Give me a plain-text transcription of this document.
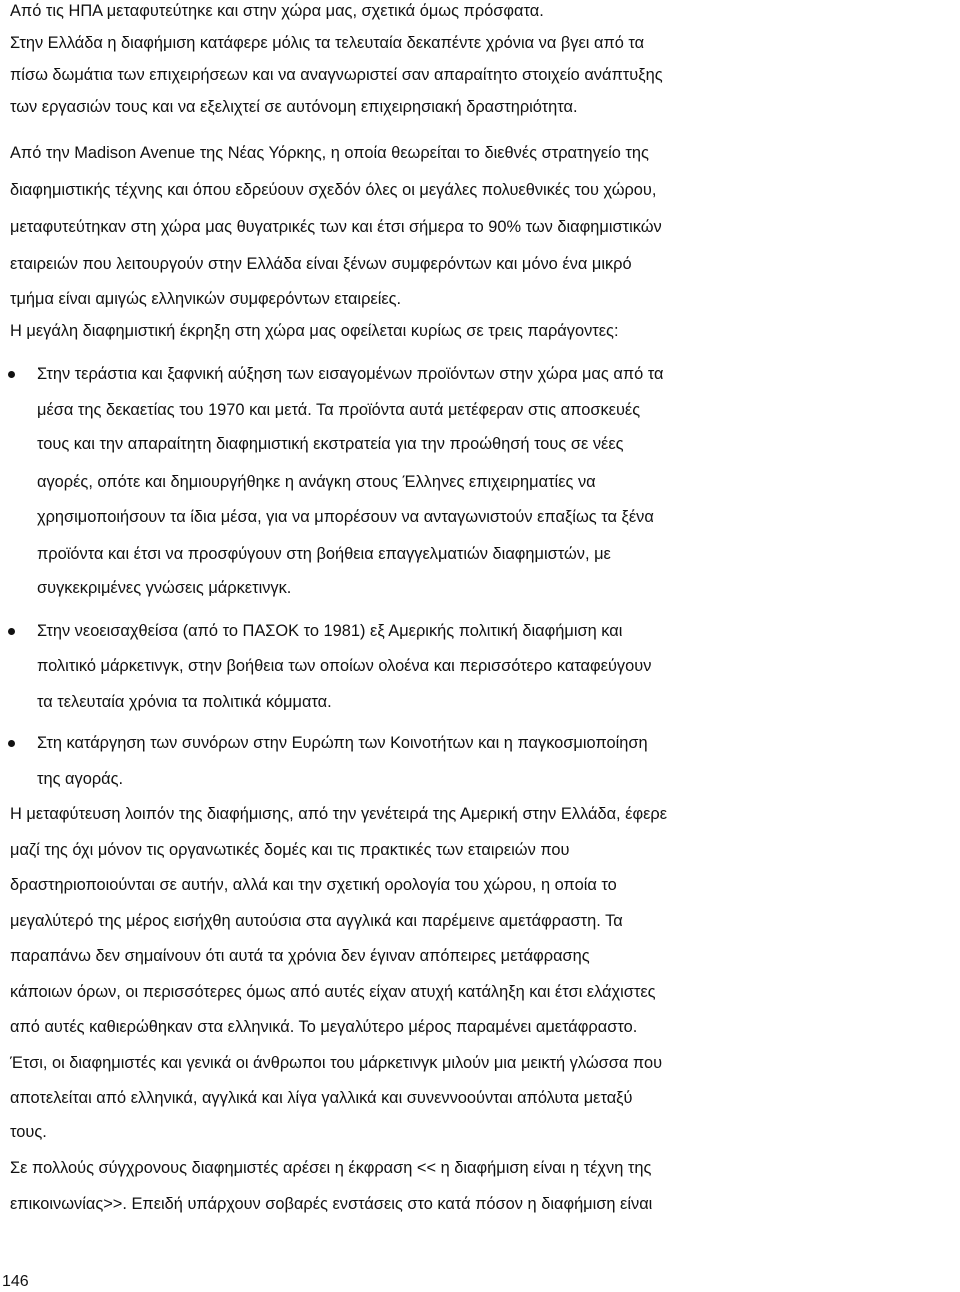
Από τις ΗΠΑ μεταφυτεύτηκε και στην χώρα μας, σχετικά όμως πρόσφατα.
Στην Ελλάδα η διαφήμιση κατάφερε μόλις τα τελευταία δεκαπέντε χρόνια να βγει από τα
πίσω δωμάτια των επιχειρήσεων και να αναγνωριστεί σαν απαραίτητο στοιχείο ανάπτυξης
των εργασιών τους και να εξελιχτεί σε αυτόνομη επιχειρησιακή δραστηριότητα.
Από την Madison Avenue της Νέας Υόρκης, η οποία θεωρείται το διεθνές στρατηγείο της
διαφημιστικής τέχνης και όπου εδρεύουν σχεδόν όλες οι μεγάλες πολυεθνικές του χώρου,
μεταφυτεύτηκαν στη χώρα μας θυγατρικές των και έτσι σήμερα το 90% των διαφημιστικών
εταιρειών που λειτουργούν στην Ελλάδα είναι ξένων συμφερόντων και μόνο ένα μικρό
τμήμα είναι αμιγώς ελληνικών συμφερόντων εταιρείες.
Η μεγάλη διαφημιστική έκρηξη στη χώρα μας οφείλεται κυρίως σε τρεις παράγοντες:
Στην τεράστια και ξαφνική αύξηση των εισαγομένων προϊόντων στην χώρα μας από τα
μέσα της δεκαετίας του 1970 και μετά. Τα προϊόντα αυτά μετέφεραν στις αποσκευές
τους και την απαραίτητη διαφημιστική εκστρατεία για την προώθησή τους σε νέες
αγορές, οπότε και δημιουργήθηκε η ανάγκη στους Έλληνες επιχειρηματίες να
χρησιμοποιήσουν τα ίδια μέσα, για να μπορέσουν να ανταγωνιστούν επαξίως τα ξένα
προϊόντα και έτσι να προσφύγουν στη βοήθεια επαγγελματιών διαφημιστών, με
συγκεκριμένες γνώσεις μάρκετινγκ.
Στην νεοεισαχθείσα (από το ΠΑΣΟΚ το 1981) εξ Αμερικής πολιτική διαφήμιση και
πολιτικό μάρκετινγκ, στην βοήθεια των οποίων ολοένα και περισσότερο καταφεύγουν
τα τελευταία χρόνια τα πολιτικά κόμματα.
Στη κατάργηση των συνόρων στην Ευρώπη των Κοινοτήτων και η παγκοσμιοποίηση
της αγοράς.
Η μεταφύτευση λοιπόν της διαφήμισης, από την γενέτειρά της Αμερική στην Ελλάδα, έφερε
μαζί της όχι μόνον τις οργανωτικές δομές και τις πρακτικές των εταιρειών που
δραστηριοποιούνται σε αυτήν, αλλά και την σχετική ορολογία του χώρου, η οποία το
μεγαλύτερό της μέρος εισήχθη αυτούσια στα αγγλικά και παρέμεινε αμετάφραστη. Τα
παραπάνω δεν σημαίνουν ότι αυτά τα χρόνια δεν έγιναν απόπειρες μετάφρασης
κάποιων όρων, οι περισσότερες όμως από αυτές είχαν ατυχή κατάληξη και έτσι ελάχιστες
από αυτές καθιερώθηκαν στα ελληνικά. Το μεγαλύτερο μέρος παραμένει αμετάφραστο.
Έτσι, οι διαφημιστές και γενικά οι άνθρωποι του μάρκετινγκ μιλούν μια μεικτή γλώσσα που
αποτελείται από ελληνικά, αγγλικά και λίγα γαλλικά και συνεννοούνται απόλυτα μεταξύ
τους.
Σε πολλούς σύγχρονους διαφημιστές αρέσει η έκφραση << η διαφήμιση είναι η τέχνη της
επικοινωνίας>>. Επειδή υπάρχουν σοβαρές ενστάσεις στο κατά πόσον η διαφήμιση είναι
146
